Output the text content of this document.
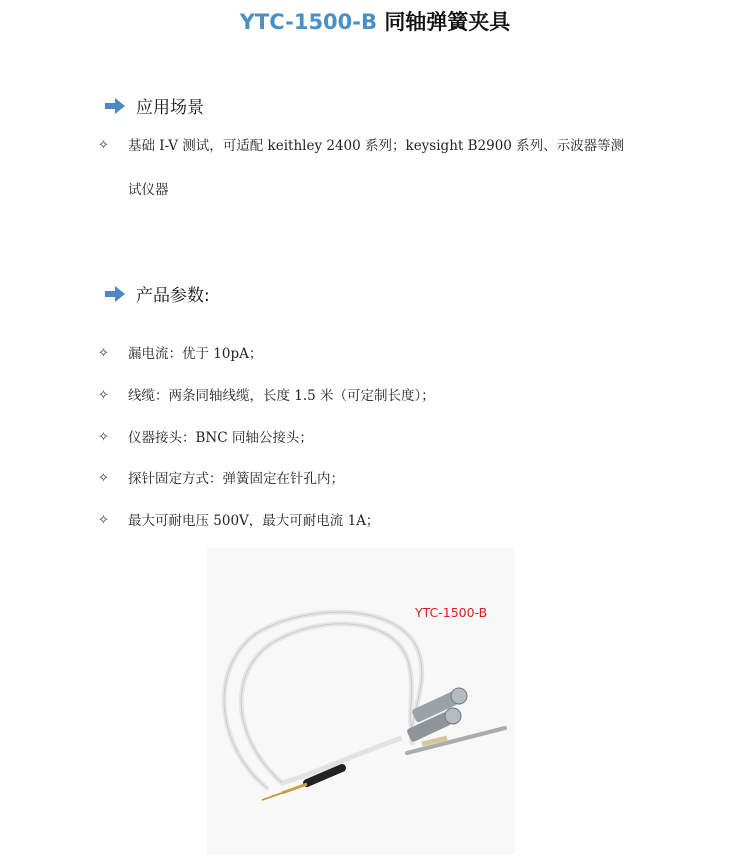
YTC-1500-B 同轴弹簧夹具
应用场景
✧	基础 I-V 测试，可适配 keithley 2400 系列；keysight B2900 系列、示波器等测
试仪器
产品参数:
✧	漏电流：优于 10pA；
✧	线缆：两条同轴线缆，长度 1.5 米（可定制长度）；
✧	仪器接头：BNC 同轴公接头；
✧	探针固定方式：弹簧固定在针孔内；
✧	最大可耐电压 500V，最大可耐电流 1A；
YTC-1500-B
